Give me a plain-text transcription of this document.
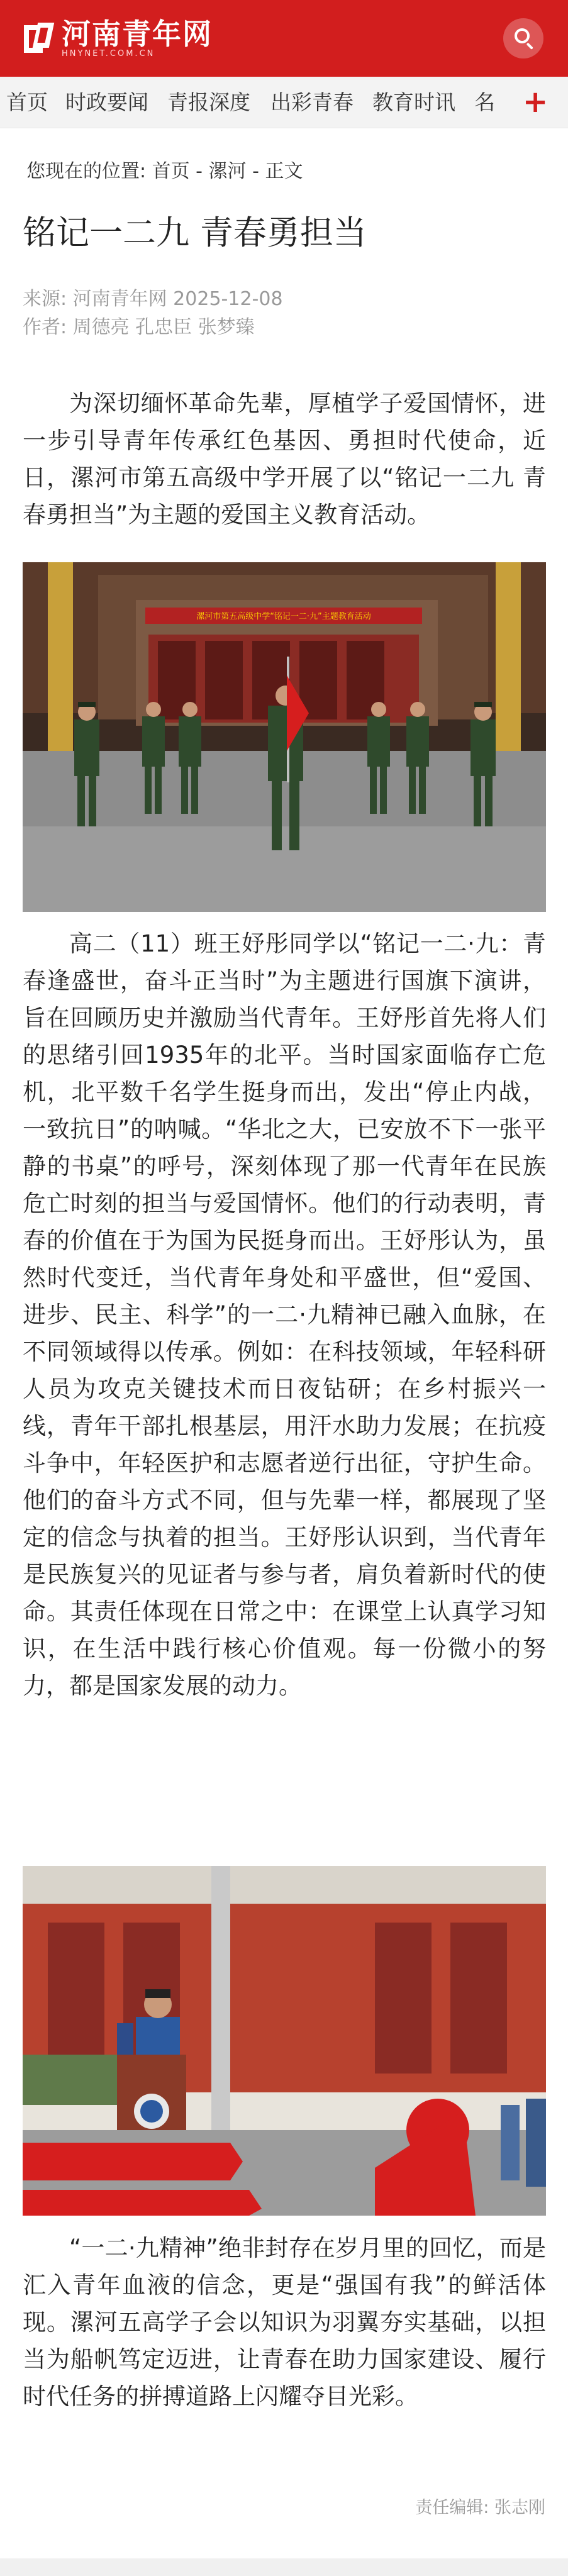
河南青年网
HNYNET.COM.CN
首页 时政要闻 青报深度 出彩青春 教育时讯 名 +
您现在的位置: 首页 - 漯河 - 正文
铭记一二九 青春勇担当
来源: 河南青年网 2025-12-08
作者: 周德亮 孔忠臣 张梦臻

为深切缅怀革命先辈，厚植学子爱国情怀，进一步引导青年传承红色基因、勇担时代使命，近日，漯河市第五高级中学开展了以“铭记一二九 青春勇担当”为主题的爱国主义教育活动。

漯河市第五高级中学“铭记一二·九”主题教育活动

高二（11）班王妤彤同学以“铭记一二·九：青春逢盛世，奋斗正当时”为主题进行国旗下演讲，旨在回顾历史并激励当代青年。王妤彤首先将人们的思绪引回1935年的北平。当时国家面临存亡危机，北平数千名学生挺身而出，发出“停止内战，一致抗日”的呐喊。“华北之大，已安放不下一张平静的书桌”的呼号，深刻体现了那一代青年在民族危亡时刻的担当与爱国情怀。他们的行动表明，青春的价值在于为国为民挺身而出。王妤彤认为，虽然时代变迁，当代青年身处和平盛世，但“爱国、进步、民主、科学”的一二·九精神已融入血脉，在不同领域得以传承。例如：在科技领域，年轻科研人员为攻克关键技术而日夜钻研；在乡村振兴一线，青年干部扎根基层，用汗水助力发展；在抗疫斗争中，年轻医护和志愿者逆行出征，守护生命。他们的奋斗方式不同，但与先辈一样，都展现了坚定的信念与执着的担当。王妤彤认识到，当代青年是民族复兴的见证者与参与者，肩负着新时代的使命。其责任体现在日常之中：在课堂上认真学习知识，在生活中践行核心价值观。每一份微小的努力，都是国家发展的动力。

“一二·九精神”绝非封存在岁月里的回忆，而是汇入青年血液的信念，更是“强国有我”的鲜活体现。漯河五高学子会以知识为羽翼夯实基础，以担当为船帆笃定迈进，让青春在助力国家建设、履行时代任务的拼搏道路上闪耀夺目光彩。

责任编辑: 张志刚
